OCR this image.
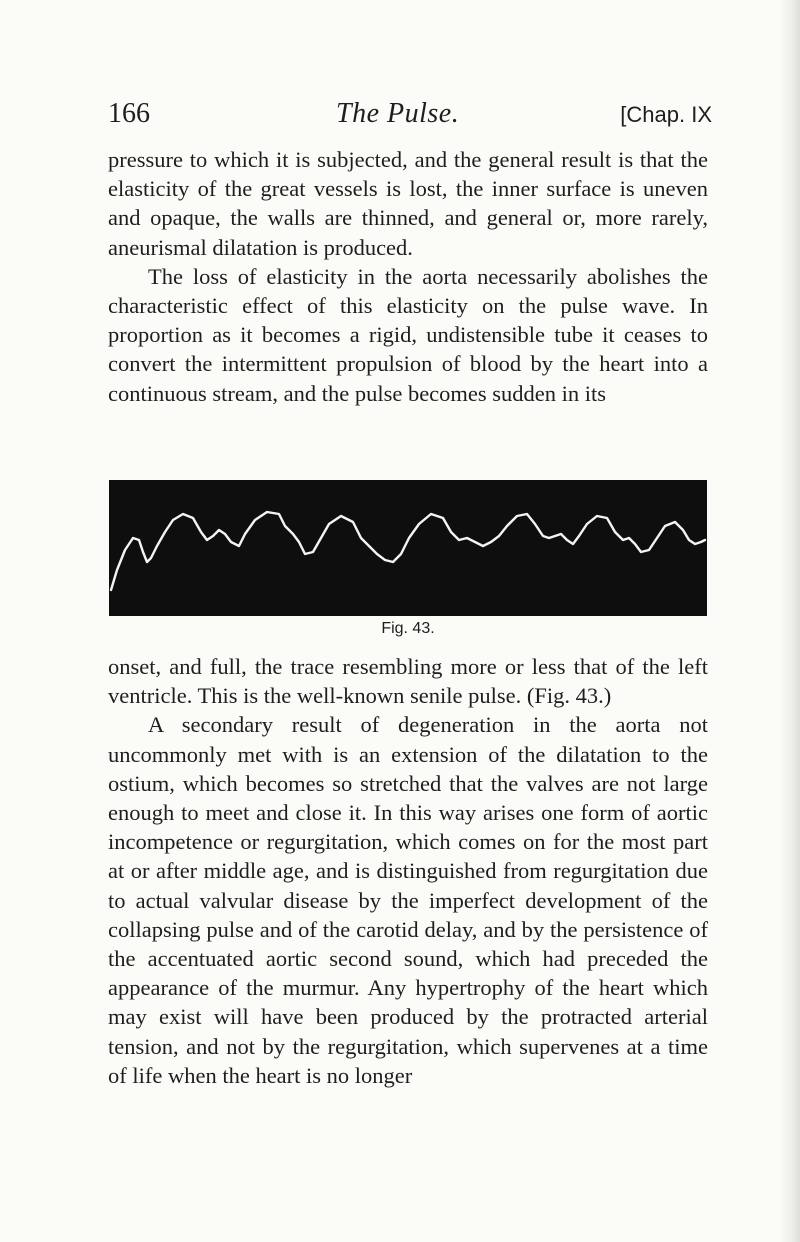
166	The Pulse.	[Chap. IX

pressure to which it is subjected, and the general result is that the elasticity of the great vessels is lost, the inner surface is uneven and opaque, the walls are thinned, and general or, more rarely, aneurismal dilatation is produced.

The loss of elasticity in the aorta necessarily abolishes the characteristic effect of this elasticity on the pulse wave. In proportion as it becomes a rigid, undistensible tube it ceases to convert the intermittent propulsion of blood by the heart into a continuous stream, and the pulse becomes sudden in its

Fig. 43.

onset, and full, the trace resembling more or less that of the left ventricle. This is the well-known senile pulse. (Fig. 43.)

A secondary result of degeneration in the aorta not uncommonly met with is an extension of the dilatation to the ostium, which becomes so stretched that the valves are not large enough to meet and close it. In this way arises one form of aortic incompetence or regurgitation, which comes on for the most part at or after middle age, and is distinguished from regurgitation due to actual valvular disease by the imperfect development of the collapsing pulse and of the carotid delay, and by the persistence of the accentuated aortic second sound, which had preceded the appearance of the murmur. Any hypertrophy of the heart which may exist will have been produced by the protracted arterial tension, and not by the regurgitation, which supervenes at a time of life when the heart is no longer
